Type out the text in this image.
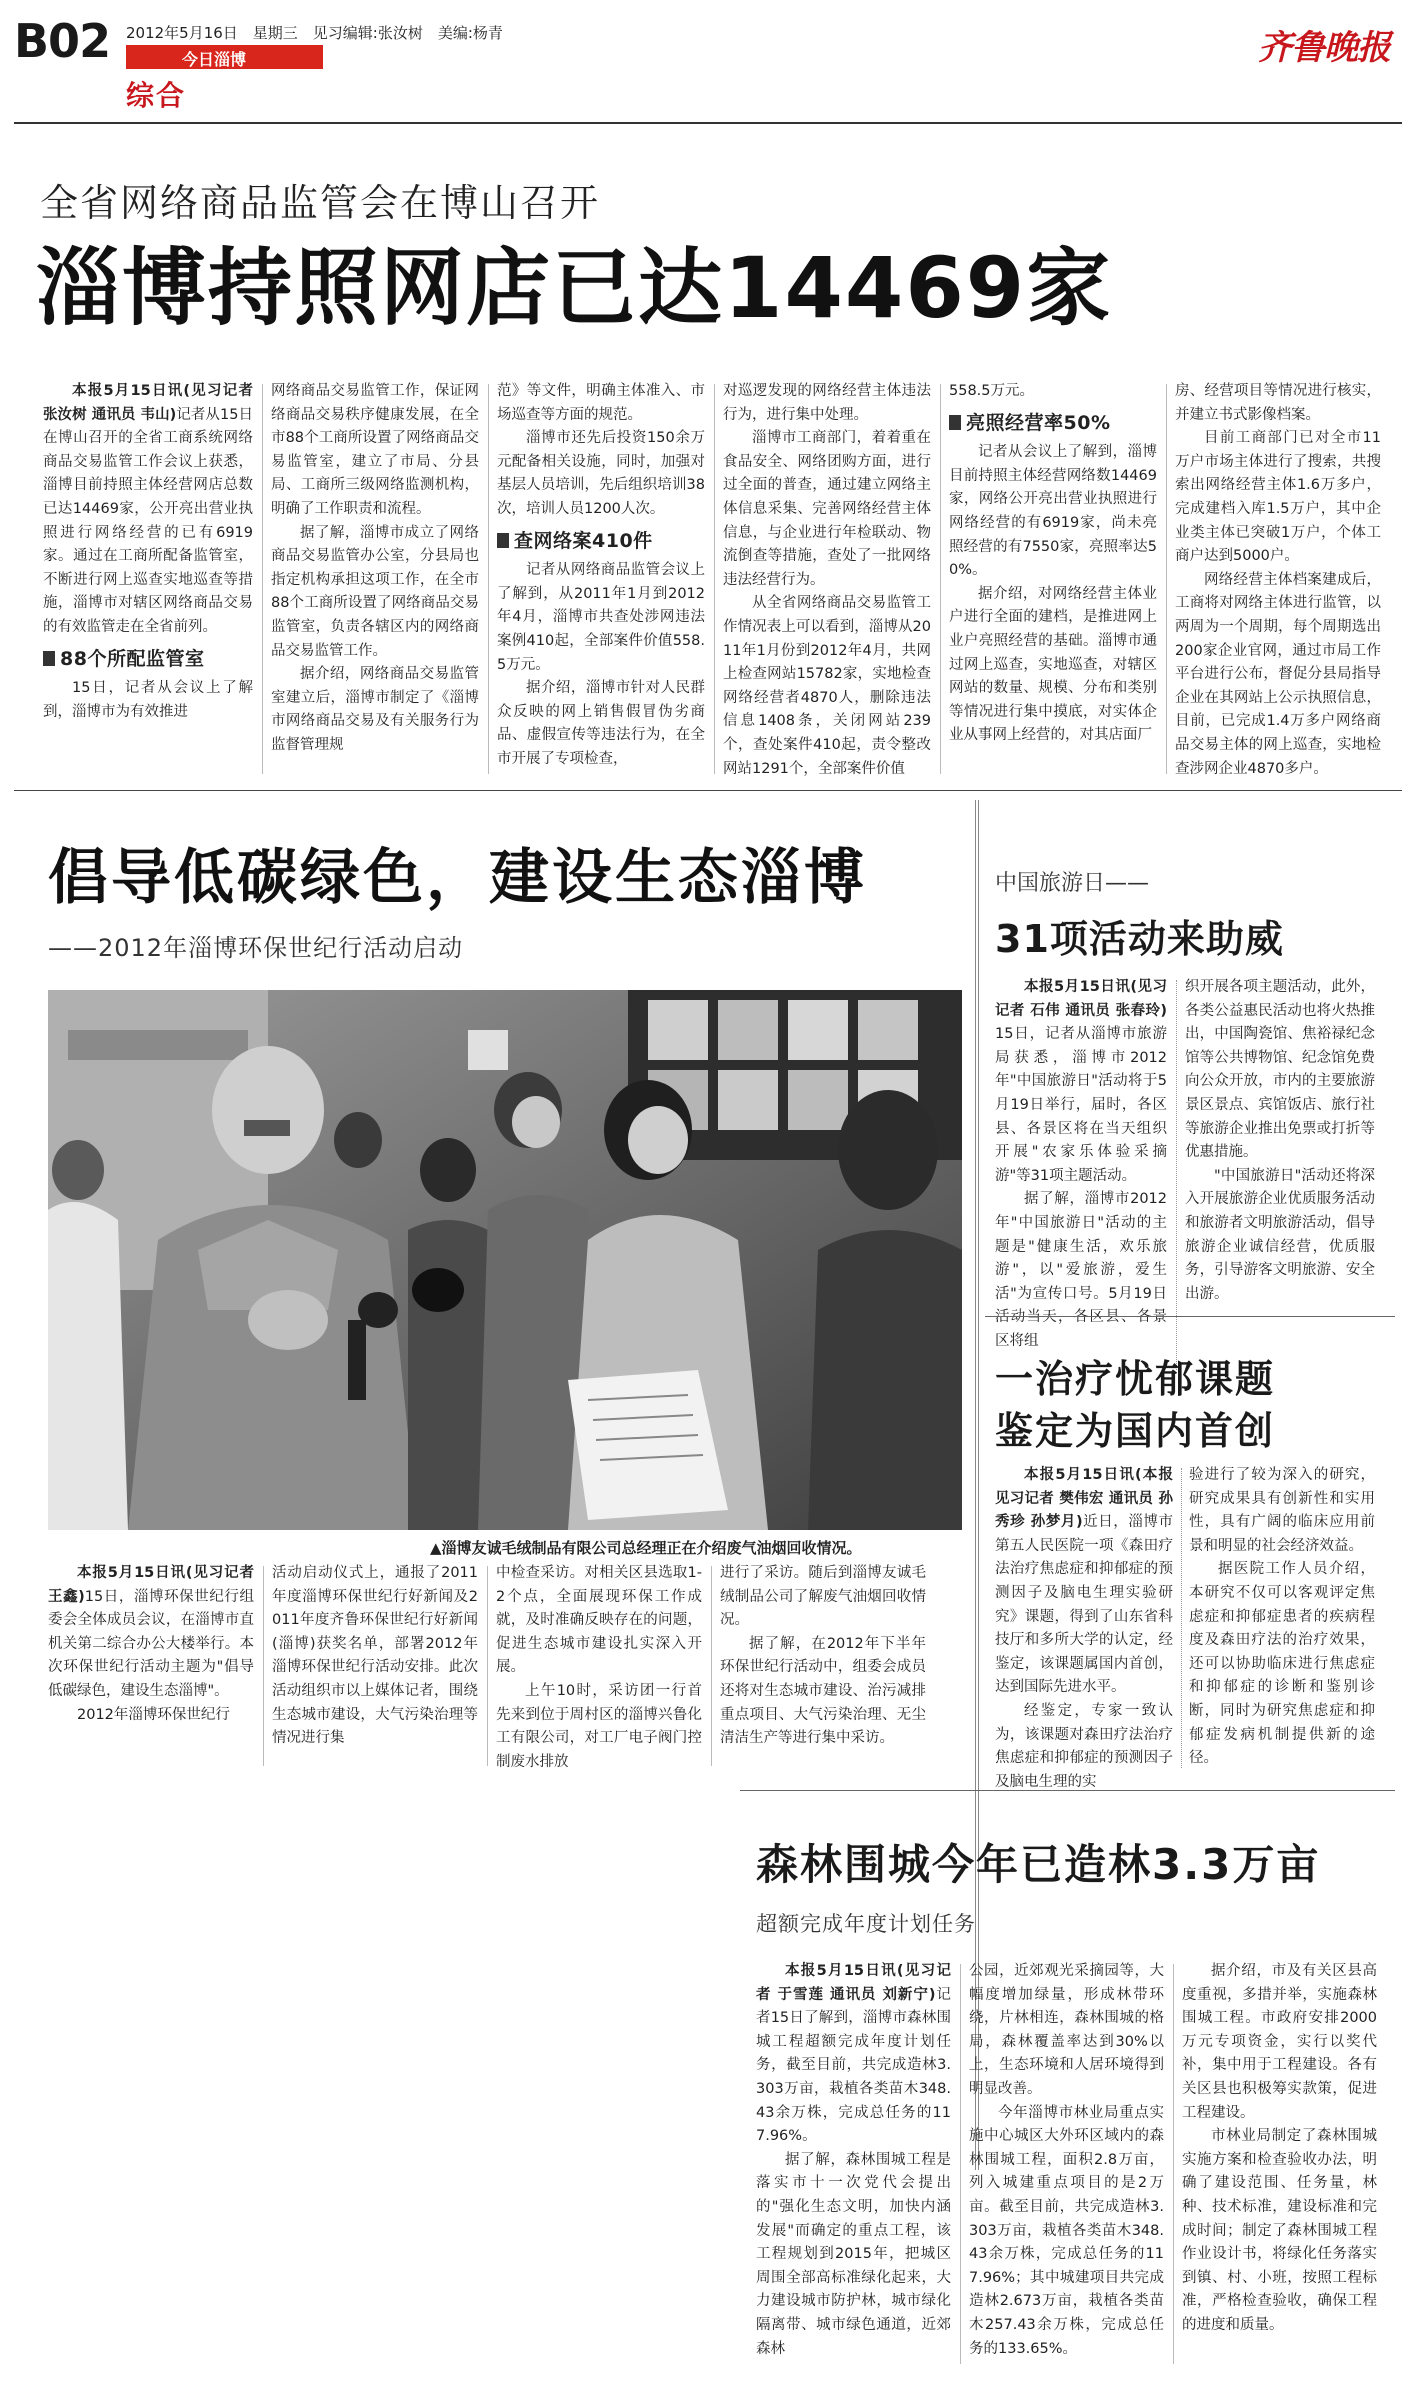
B02 2012年5月16日　星期三　见习编辑:张汝树　美编:杨青
今日淄博
综合
齐鲁晚报
全省网络商品监管会在博山召开
淄博持照网店已达14469家

本报5月15日讯(见习记者 张汝树 通讯员 韦山)记者从15日在博山召开的全省工商系统网络商品交易监管工作会议上获悉，淄博目前持照主体经营网店总数已达14469家，公开亮出营业执照进行网络经营的已有6919家。通过在工商所配备监管室，不断进行网上巡查实地巡查等措施，淄博市对辖区网络商品交易的有效监管走在全省前列。

88个所配监管室

15日，记者从会议上了解到，淄博市为有效推进

网络商品交易监管工作，保证网络商品交易秩序健康发展，在全市88个工商所设置了网络商品交易监管室，建立了市局、分县局、工商所三级网络监测机构，明确了工作职责和流程。

据了解，淄博市成立了网络商品交易监管办公室，分县局也指定机构承担这项工作，在全市88个工商所设置了网络商品交易监管室，负责各辖区内的网络商品交易监管工作。

据介绍，网络商品交易监管室建立后，淄博市制定了《淄博市网络商品交易及有关服务行为监督管理规

范》等文件，明确主体准入、市场巡查等方面的规范。

淄博市还先后投资150余万元配备相关设施，同时，加强对基层人员培训，先后组织培训38次，培训人员1200人次。

查网络案410件

记者从网络商品监管会议上了解到，从2011年1月到2012年4月，淄博市共查处涉网违法案例410起，全部案件价值558.5万元。

据介绍，淄博市针对人民群众反映的网上销售假冒伪劣商品、虚假宣传等违法行为，在全市开展了专项检查，

对巡逻发现的网络经营主体违法行为，进行集中处理。

淄博市工商部门，着着重在食品安全、网络团购方面，进行过全面的普查，通过建立网络主体信息采集、完善网络经营主体信息，与企业进行年检联动、物流倒查等措施，查处了一批网络违法经营行为。

从全省网络商品交易监管工作情况表上可以看到，淄博从2011年1月份到2012年4月，共网上检查网站15782家，实地检查网络经营者4870人，删除违法信息1408条，关闭网站239个，查处案件410起，责令整改网站1291个，全部案件价值

558.5万元。

亮照经营率50%

记者从会议上了解到，淄博目前持照主体经营网络数14469家，网络公开亮出营业执照进行网络经营的有6919家，尚未亮照经营的有7550家，亮照率达50%。

据介绍，对网络经营主体业户进行全面的建档，是推进网上业户亮照经营的基础。淄博市通过网上巡查，实地巡查，对辖区网站的数量、规模、分布和类别等情况进行集中摸底，对实体企业从事网上经营的，对其店面厂

房、经营项目等情况进行核实，并建立书式影像档案。

目前工商部门已对全市11万户市场主体进行了搜索，共搜索出网络经营主体1.6万多户，完成建档入库1.5万户，其中企业类主体已突破1万户，个体工商户达到5000户。

网络经营主体档案建成后，工商将对网络主体进行监管，以两周为一个周期，每个周期选出200家企业官网，通过市局工作平台进行公布，督促分县局指导企业在其网站上公示执照信息，目前，已完成1.4万多户网络商品交易主体的网上巡查，实地检查涉网企业4870多户。

倡导低碳绿色，建设生态淄博
——2012年淄博环保世纪行活动启动
▲淄博友诚毛绒制品有限公司总经理正在介绍废气油烟回收情况。

本报5月15日讯(见习记者 王鑫)15日，淄博环保世纪行组委会全体成员会议，在淄博市直机关第二综合办公大楼举行。本次环保世纪行活动主题为"倡导低碳绿色，建设生态淄博"。

2012年淄博环保世纪行

活动启动仪式上，通报了2011年度淄博环保世纪行好新闻及2011年度齐鲁环保世纪行好新闻(淄博)获奖名单，部署2012年淄博环保世纪行活动安排。此次活动组织市以上媒体记者，围绕生态城市建设，大气污染治理等情况进行集

中检查采访。对相关区县选取1-2个点，全面展现环保工作成就，及时准确反映存在的问题，促进生态城市建设扎实深入开展。

上午10时，采访团一行首先来到位于周村区的淄博兴鲁化工有限公司，对工厂电子阀门控制废水排放

进行了采访。随后到淄博友诚毛绒制品公司了解废气油烟回收情况。

据了解，在2012年下半年环保世纪行活动中，组委会成员还将对生态城市建设、治污减排重点项目、大气污染治理、无尘清洁生产等进行集中采访。

中国旅游日——
31项活动来助威

本报5月15日讯(见习记者 石伟 通讯员 张春玲)15日，记者从淄博市旅游局获悉，淄博市2012年"中国旅游日"活动将于5月19日举行，届时，各区县、各景区将在当天组织开展"农家乐体验采摘游"等31项主题活动。

据了解，淄博市2012年"中国旅游日"活动的主题是"健康生活，欢乐旅游"，以"爱旅游，爱生活"为宣传口号。5月19日活动当天，各区县、各景区将组

织开展各项主题活动，此外，各类公益惠民活动也将火热推出，中国陶瓷馆、焦裕禄纪念馆等公共博物馆、纪念馆免费向公众开放，市内的主要旅游景区景点、宾馆饭店、旅行社等旅游企业推出免票或打折等优惠措施。

"中国旅游日"活动还将深入开展旅游企业优质服务活动和旅游者文明旅游活动，倡导旅游企业诚信经营，优质服务，引导游客文明旅游、安全出游。

一治疗忧郁课题
鉴定为国内首创

本报5月15日讯(本报见习记者 樊伟宏 通讯员 孙秀珍 孙梦月)近日，淄博市第五人民医院一项《森田疗法治疗焦虑症和抑郁症的预测因子及脑电生理实验研究》课题，得到了山东省科技厅和多所大学的认定，经鉴定，该课题属国内首创，达到国际先进水平。

经鉴定，专家一致认为，该课题对森田疗法治疗焦虑症和抑郁症的预测因子及脑电生理的实

验进行了较为深入的研究，研究成果具有创新性和实用性，具有广阔的临床应用前景和明显的社会经济效益。

据医院工作人员介绍，本研究不仅可以客观评定焦虑症和抑郁症患者的疾病程度及森田疗法的治疗效果，还可以协助临床进行焦虑症和抑郁症的诊断和鉴别诊断，同时为研究焦虑症和抑郁症发病机制提供新的途径。

森林围城今年已造林3.3万亩
超额完成年度计划任务

本报5月15日讯(见习记者 于雪莲 通讯员 刘新宁)记者15日了解到，淄博市森林围城工程超额完成年度计划任务，截至目前，共完成造林3.303万亩，栽植各类苗木348.43余万株，完成总任务的117.96%。

据了解，森林围城工程是落实市十一次党代会提出的"强化生态文明，加快内涵发展"而确定的重点工程，该工程规划到2015年，把城区周围全部高标准绿化起来，大力建设城市防护林，城市绿化隔离带、城市绿色通道，近郊森林

公园，近郊观光采摘园等，大幅度增加绿量，形成林带环绕，片林相连，森林围城的格局，森林覆盖率达到30%以上，生态环境和人居环境得到明显改善。

今年淄博市林业局重点实施中心城区大外环区域内的森林围城工程，面积2.8万亩，列入城建重点项目的是2万亩。截至目前，共完成造林3.303万亩，栽植各类苗木348.43余万株，完成总任务的117.96%；其中城建项目共完成造林2.673万亩，栽植各类苗木257.43余万株，完成总任务的133.65%。

据介绍，市及有关区县高度重视，多措并举，实施森林围城工程。市政府安排2000万元专项资金，实行以奖代补，集中用于工程建设。各有关区县也积极筹实款策，促进工程建设。

市林业局制定了森林围城实施方案和检查验收办法，明确了建设范围、任务量，林种、技术标准，建设标准和完成时间；制定了森林围城工程作业设计书，将绿化任务落实到镇、村、小班，按照工程标准，严格检查验收，确保工程的进度和质量。
